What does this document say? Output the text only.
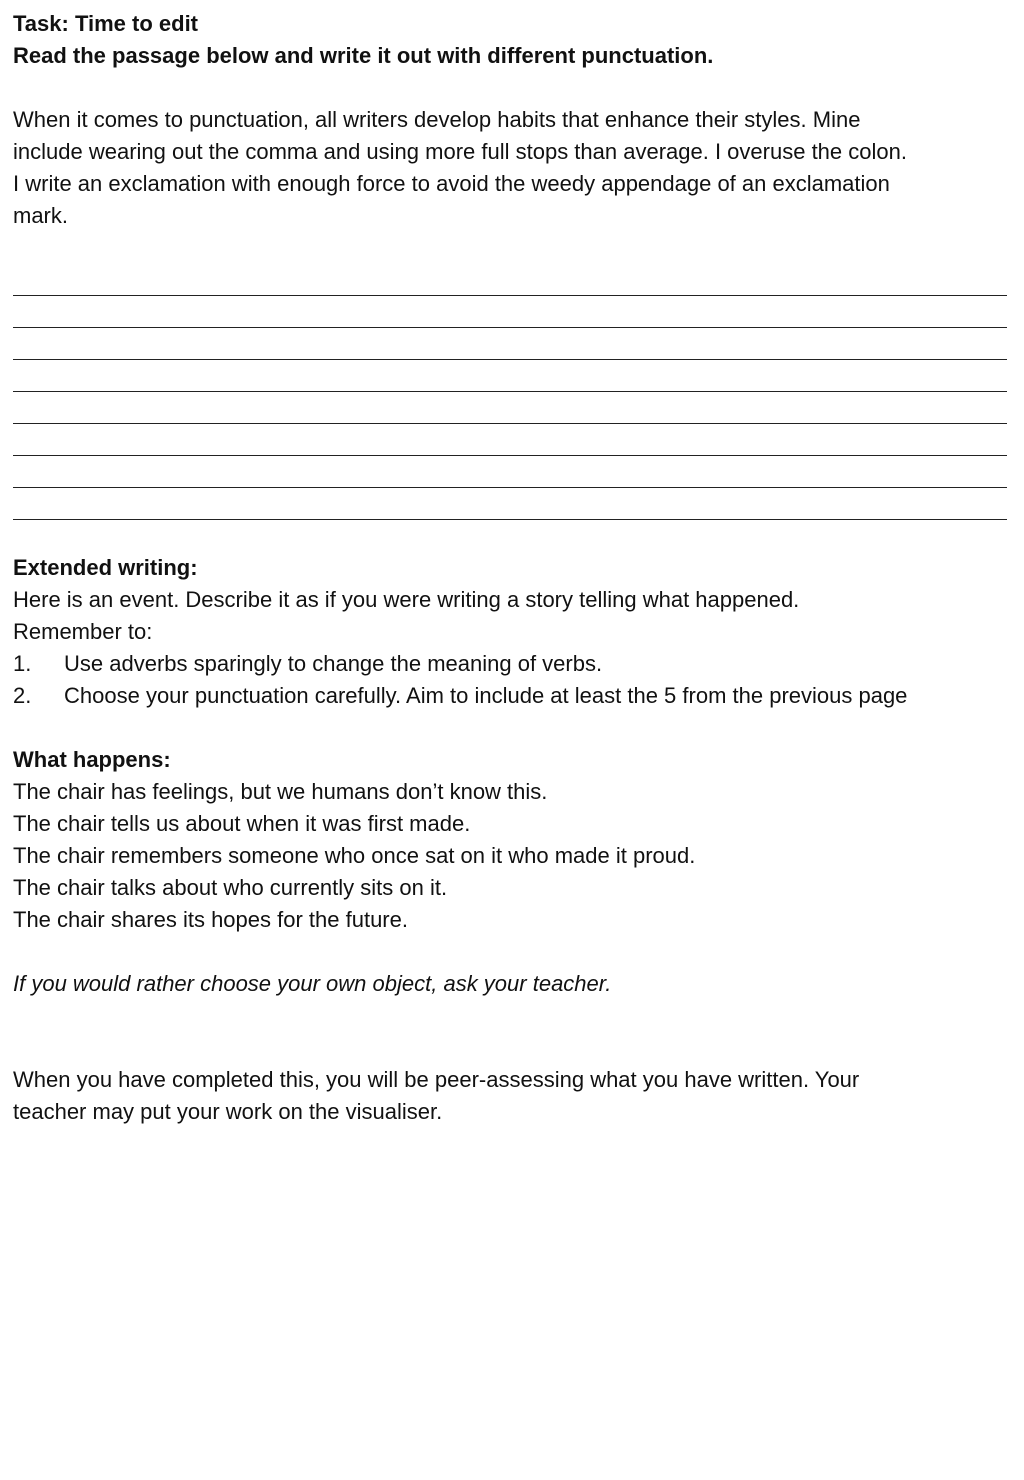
Task: Time to edit
Read the passage below and write it out with different punctuation.
When it comes to punctuation, all writers develop habits that enhance their styles. Mine
include wearing out the comma and using more full stops than average. I overuse the colon.
I write an exclamation with enough force to avoid the weedy appendage of an exclamation
mark.
Extended writing:
Here is an event. Describe it as if you were writing a story telling what happened.
Remember to:
1.	Use adverbs sparingly to change the meaning of verbs.
2.	Choose your punctuation carefully. Aim to include at least the 5 from the previous page
What happens:
The chair has feelings, but we humans don’t know this.
The chair tells us about when it was first made.
The chair remembers someone who once sat on it who made it proud.
The chair talks about who currently sits on it.
The chair shares its hopes for the future.
If you would rather choose your own object, ask your teacher.
When you have completed this, you will be peer-assessing what you have written. Your
teacher may put your work on the visualiser.
